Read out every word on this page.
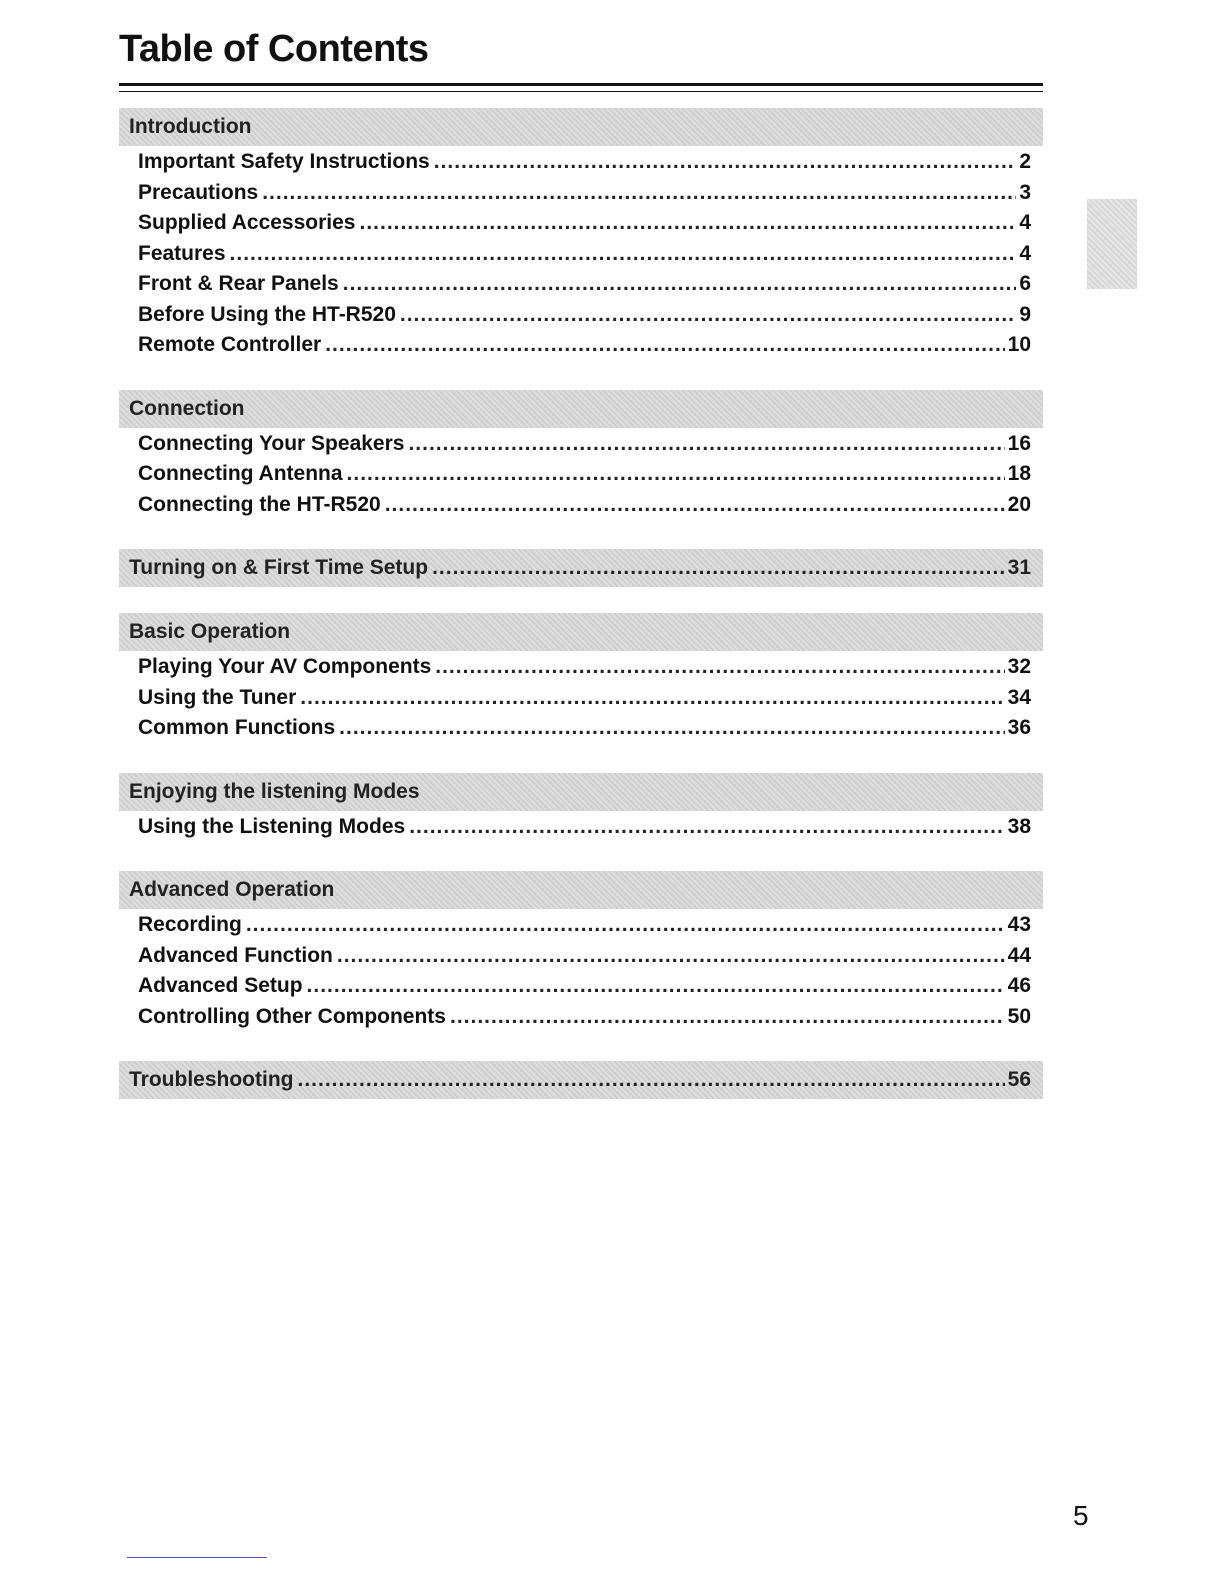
Table of Contents
Introduction
Important Safety Instructions .....	2
Precautions .....	3
Supplied Accessories .....	4
Features .....	4
Front & Rear Panels .....	6
Before Using the HT-R520 .....	9
Remote Controller .....	10
Connection
Connecting Your Speakers .....	16
Connecting Antenna .....	18
Connecting the HT-R520 .....	20
Turning on & First Time Setup .....	31
Basic Operation
Playing Your AV Components .....	32
Using the Tuner .....	34
Common Functions .....	36
Enjoying the listening Modes
Using the Listening Modes .....	38
Advanced Operation
Recording .....	43
Advanced Function .....	44
Advanced Setup .....	46
Controlling Other Components .....	50
Troubleshooting .....	56
5
